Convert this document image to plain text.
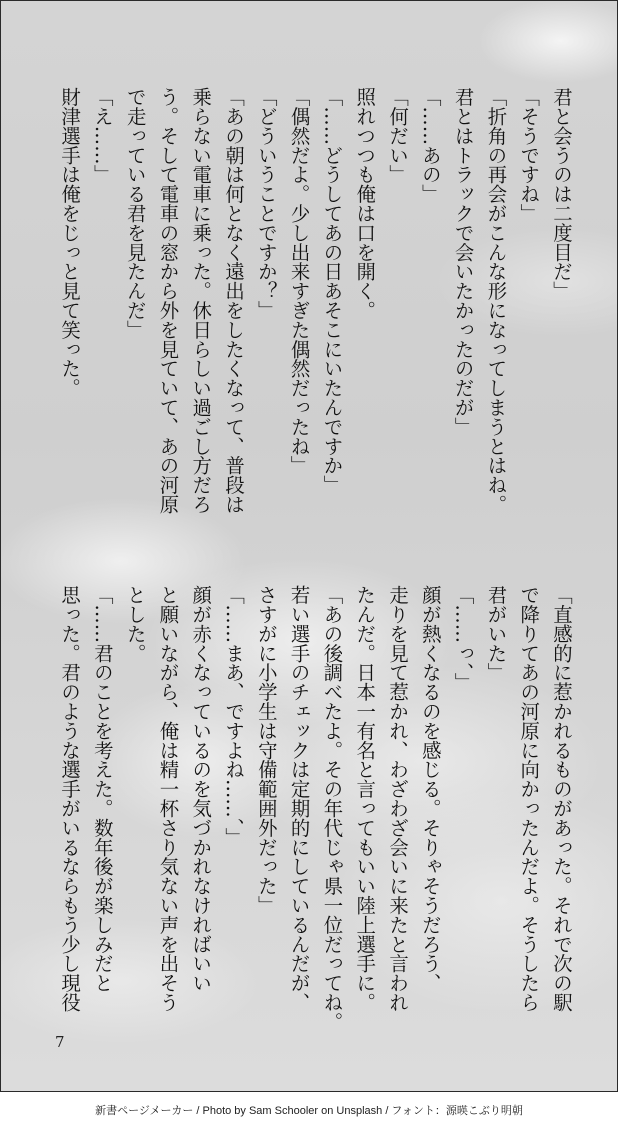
君と会うのは二度目だ」
「そうですね」
「折角の再会がこんな形になってしまうとはね。
君とはトラックで会いたかったのだが」
「……あの」
「何だい」
照れつつも俺は口を開く。
「……どうしてあの日あそこにいたんですか」
「偶然だよ。少し出来すぎた偶然だったね」
「どういうことですか？」
「あの朝は何となく遠出をしたくなって、普段は
乗らない電車に乗った。休日らしい過ごし方だろ
う。そして電車の窓から外を見ていて、あの河原
で走っている君を見たんだ」
「え……」
財津選手は俺をじっと見て笑った。
「直感的に惹かれるものがあった。それで次の駅
で降りてあの河原に向かったんだよ。そうしたら
君がいた」
「……っ、」
顔が熱くなるのを感じる。そりゃそうだろう、
走りを見て惹かれ、わざわざ会いに来たと言われ
たんだ。日本一有名と言ってもいい陸上選手に。
「あの後調べたよ。その年代じゃ県一位だってね。
若い選手のチェックは定期的にしているんだが、
さすがに小学生は守備範囲外だった」
「……まあ、ですよね……、」
顔が赤くなっているのを気づかれなければいい
と願いながら、俺は精一杯さり気ない声を出そう
とした。
「……君のことを考えた。数年後が楽しみだと
思った。君のような選手がいるならもう少し現役
7
新書ページメーカー / Photo by Sam Schooler on Unsplash / フォント：源暎こぶり明朝
